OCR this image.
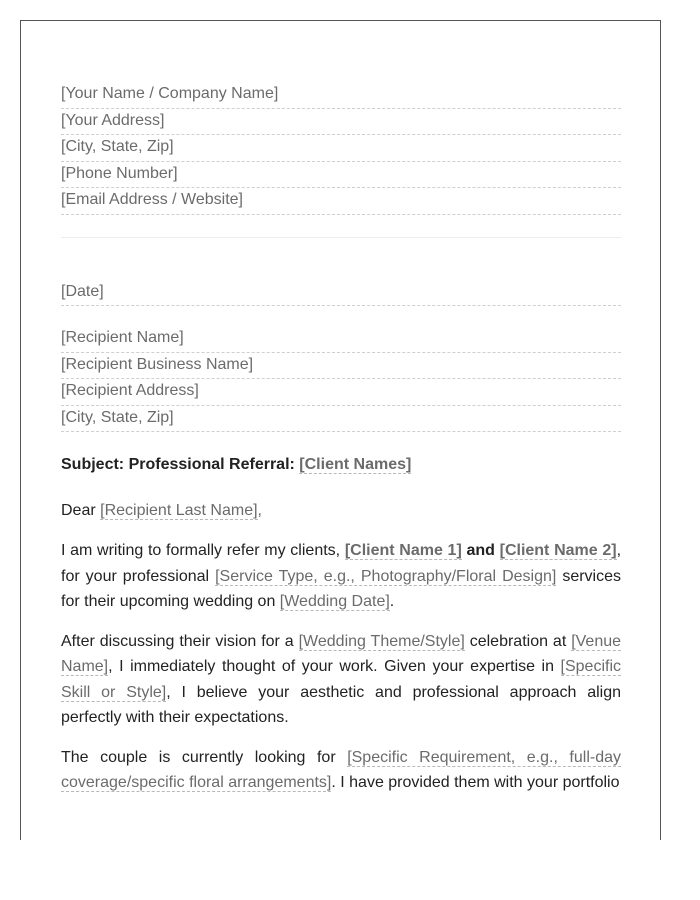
[Your Name / Company Name]
[Your Address]
[City, State, Zip]
[Phone Number]
[Email Address / Website]
[Date]
[Recipient Name]
[Recipient Business Name]
[Recipient Address]
[City, State, Zip]
Subject: Professional Referral: [Client Names]
Dear [Recipient Last Name],

I am writing to formally refer my clients, [Client Name 1] and [Client Name 2], for your professional [Service Type, e.g., Photography/Floral Design] services for their upcoming wedding on [Wedding Date].

After discussing their vision for a [Wedding Theme/Style] celebration at [Venue Name], I immediately thought of your work. Given your expertise in [Specific Skill or Style], I believe your aesthetic and professional approach align perfectly with their expectations.

The couple is currently looking for [Specific Requirement, e.g., full-day coverage/specific floral arrangements]. I have provided them with your portfolio
